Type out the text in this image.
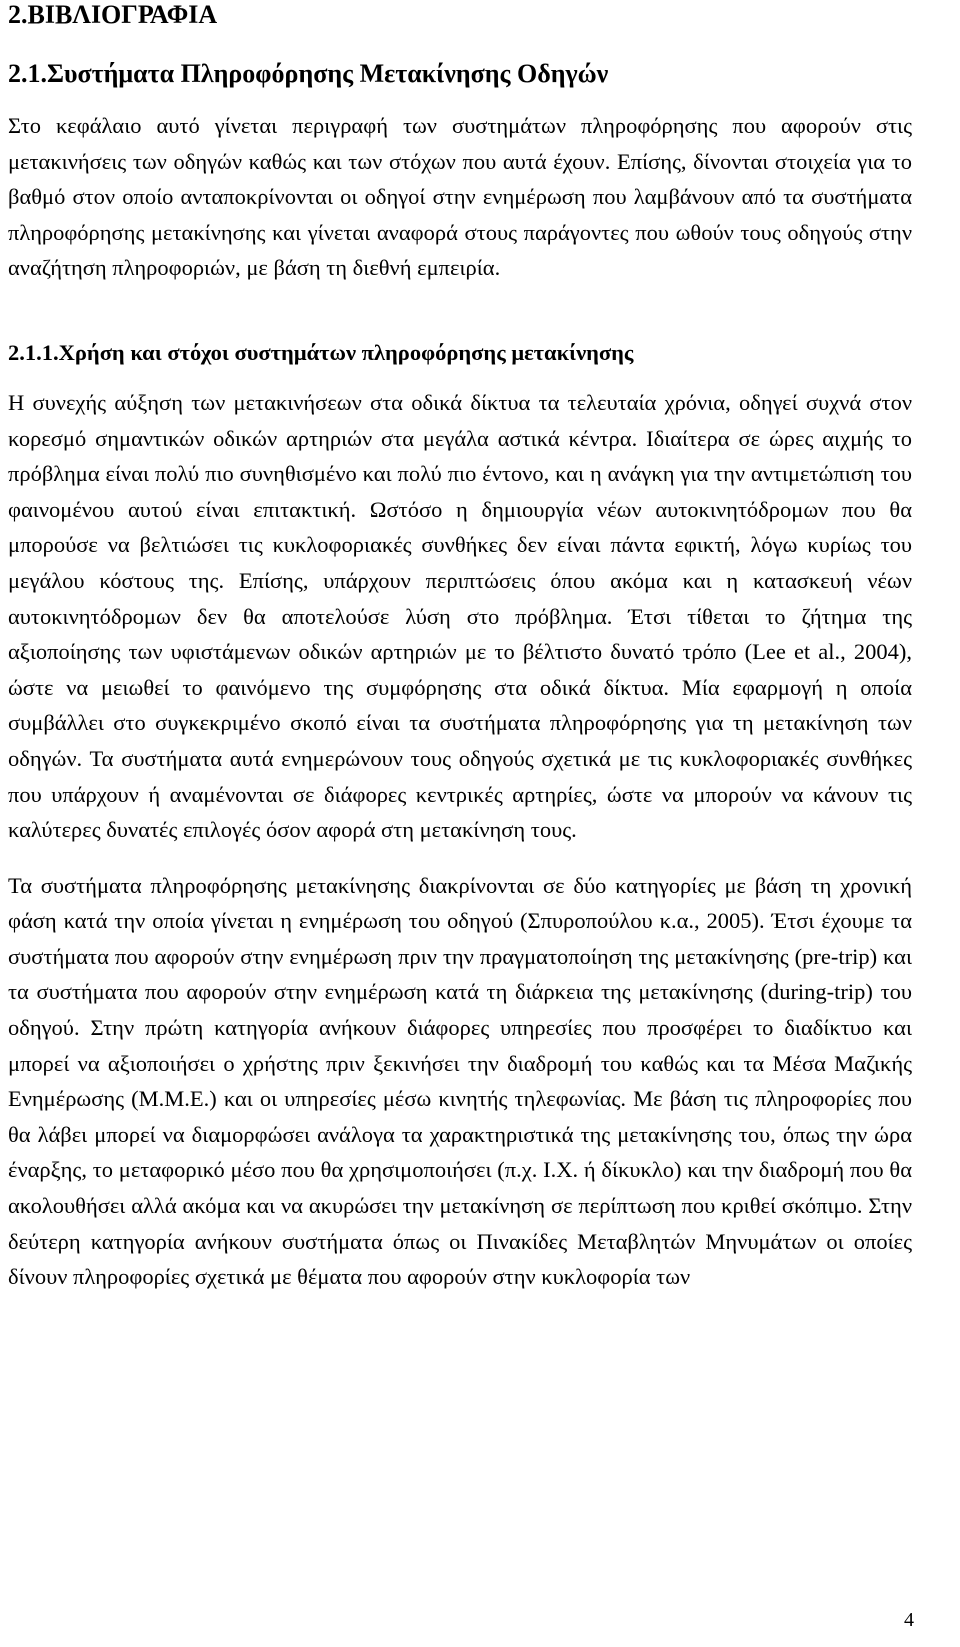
2.ΒΙΒΛΙΟΓΡΑΦΙΑ
2.1.Συστήματα Πληροφόρησης Μετακίνησης Οδηγών

Στο κεφάλαιο αυτό γίνεται περιγραφή των συστημάτων πληροφόρησης που αφορούν στις μετακινήσεις των οδηγών καθώς και των στόχων που αυτά έχουν. Επίσης, δίνονται στοιχεία για το βαθμό στον οποίο ανταποκρίνονται οι οδηγοί στην ενημέρωση που λαμβάνουν από τα συστήματα πληροφόρησης μετακίνησης και γίνεται αναφορά στους παράγοντες που ωθούν τους οδηγούς στην αναζήτηση πληροφοριών, με βάση τη διεθνή εμπειρία.

2.1.1.Χρήση και στόχοι συστημάτων πληροφόρησης μετακίνησης

Η συνεχής αύξηση των μετακινήσεων στα οδικά δίκτυα τα τελευταία χρόνια, οδηγεί συχνά στον κορεσμό σημαντικών οδικών αρτηριών στα μεγάλα αστικά κέντρα. Ιδιαίτερα σε ώρες αιχμής το πρόβλημα είναι πολύ πιο συνηθισμένο και πολύ πιο έντονο, και η ανάγκη για την αντιμετώπιση του φαινομένου αυτού είναι επιτακτική. Ωστόσο η δημιουργία νέων αυτοκινητόδρομων που θα μπορούσε να βελτιώσει τις κυκλοφοριακές συνθήκες δεν είναι πάντα εφικτή, λόγω κυρίως του μεγάλου κόστους της. Επίσης, υπάρχουν περιπτώσεις όπου ακόμα και η κατασκευή νέων αυτοκινητόδρομων δεν θα αποτελούσε λύση στο πρόβλημα. Έτσι τίθεται το ζήτημα της αξιοποίησης των υφιστάμενων οδικών αρτηριών με το βέλτιστο δυνατό τρόπο (Lee et al., 2004), ώστε να μειωθεί το φαινόμενο της συμφόρησης στα οδικά δίκτυα. Μία εφαρμογή η οποία συμβάλλει στο συγκεκριμένο σκοπό είναι τα συστήματα πληροφόρησης για τη μετακίνηση των οδηγών. Τα συστήματα αυτά ενημερώνουν τους οδηγούς σχετικά με τις κυκλοφοριακές συνθήκες που υπάρχουν ή αναμένονται σε διάφορες κεντρικές αρτηρίες, ώστε να μπορούν να κάνουν τις καλύτερες δυνατές επιλογές όσον αφορά στη μετακίνηση τους.

Τα συστήματα πληροφόρησης μετακίνησης διακρίνονται σε δύο κατηγορίες με βάση τη χρονική φάση κατά την οποία γίνεται η ενημέρωση του οδηγού (Σπυροπούλου κ.α., 2005). Έτσι έχουμε τα συστήματα που αφορούν στην ενημέρωση πριν την πραγματοποίηση της μετακίνησης (pre-trip) και τα συστήματα που αφορούν στην ενημέρωση κατά τη διάρκεια της μετακίνησης (during-trip) του οδηγού. Στην πρώτη κατηγορία ανήκουν διάφορες υπηρεσίες που προσφέρει το διαδίκτυο και μπορεί να αξιοποιήσει ο χρήστης πριν ξεκινήσει την διαδρομή του καθώς και τα Μέσα Μαζικής Ενημέρωσης (Μ.Μ.Ε.) και οι υπηρεσίες μέσω κινητής τηλεφωνίας. Με βάση τις πληροφορίες που θα λάβει μπορεί να διαμορφώσει ανάλογα τα χαρακτηριστικά της μετακίνησης του, όπως την ώρα έναρξης, το μεταφορικό μέσο που θα χρησιμοποιήσει (π.χ. Ι.Χ. ή δίκυκλο) και την διαδρομή που θα ακολουθήσει αλλά ακόμα και να ακυρώσει την μετακίνηση σε περίπτωση που κριθεί σκόπιμο. Στην δεύτερη κατηγορία ανήκουν συστήματα όπως οι Πινακίδες Μεταβλητών Μηνυμάτων οι οποίες δίνουν πληροφορίες σχετικά με θέματα που αφορούν στην κυκλοφορία των

4
